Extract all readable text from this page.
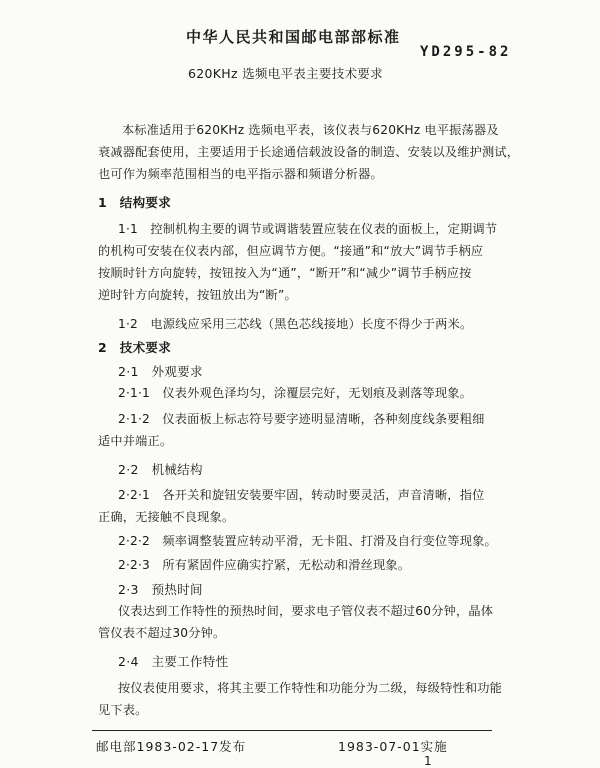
中华人民共和国邮电部部标准
YD295-82
620KHz 选频电平表主要技术要求
本标准适用于620KHz 选频电平表，该仪表与620KHz 电平振荡器及
衰减器配套使用，主要适用于长途通信载波设备的制造、安装以及维护测试，
也可作为频率范围相当的电平指示器和频谱分析器。
1　结构要求
1·1　控制机构主要的调节或调谐装置应装在仪表的面板上，定期调节
的机构可安装在仪表内部，但应调节方便。“接通”和“放大”调节手柄应
按顺时针方向旋转，按钮按入为“通”，“断开”和“减少”调节手柄应按
逆时针方向旋转，按钮放出为“断”。
1·2　电源线应采用三芯线（黑色芯线接地）长度不得少于两米。
2　技术要求
2·1　外观要求
2·1·1　仪表外观色泽均匀，涂覆层完好，无划痕及剥落等现象。
2·1·2　仪表面板上标志符号要字迹明显清晰，各种刻度线条要粗细
适中并端正。
2·2　机械结构
2·2·1　各开关和旋钮安装要牢固，转动时要灵活，声音清晰，指位
正确，无接触不良现象。
2·2·2　频率调整装置应转动平滑，无卡阻、打滑及自行变位等现象。
2·2·3　所有紧固件应确实拧紧，无松动和滑丝现象。
2·3　预热时间
仪表达到工作特性的预热时间，要求电子管仪表不超过60分钟，晶体
管仪表不超过30分钟。
2·4　主要工作特性
按仪表使用要求，将其主要工作特性和功能分为二级，每级特性和功能
见下表。
邮电部1983-02-17发布	1983-07-01实施
1
